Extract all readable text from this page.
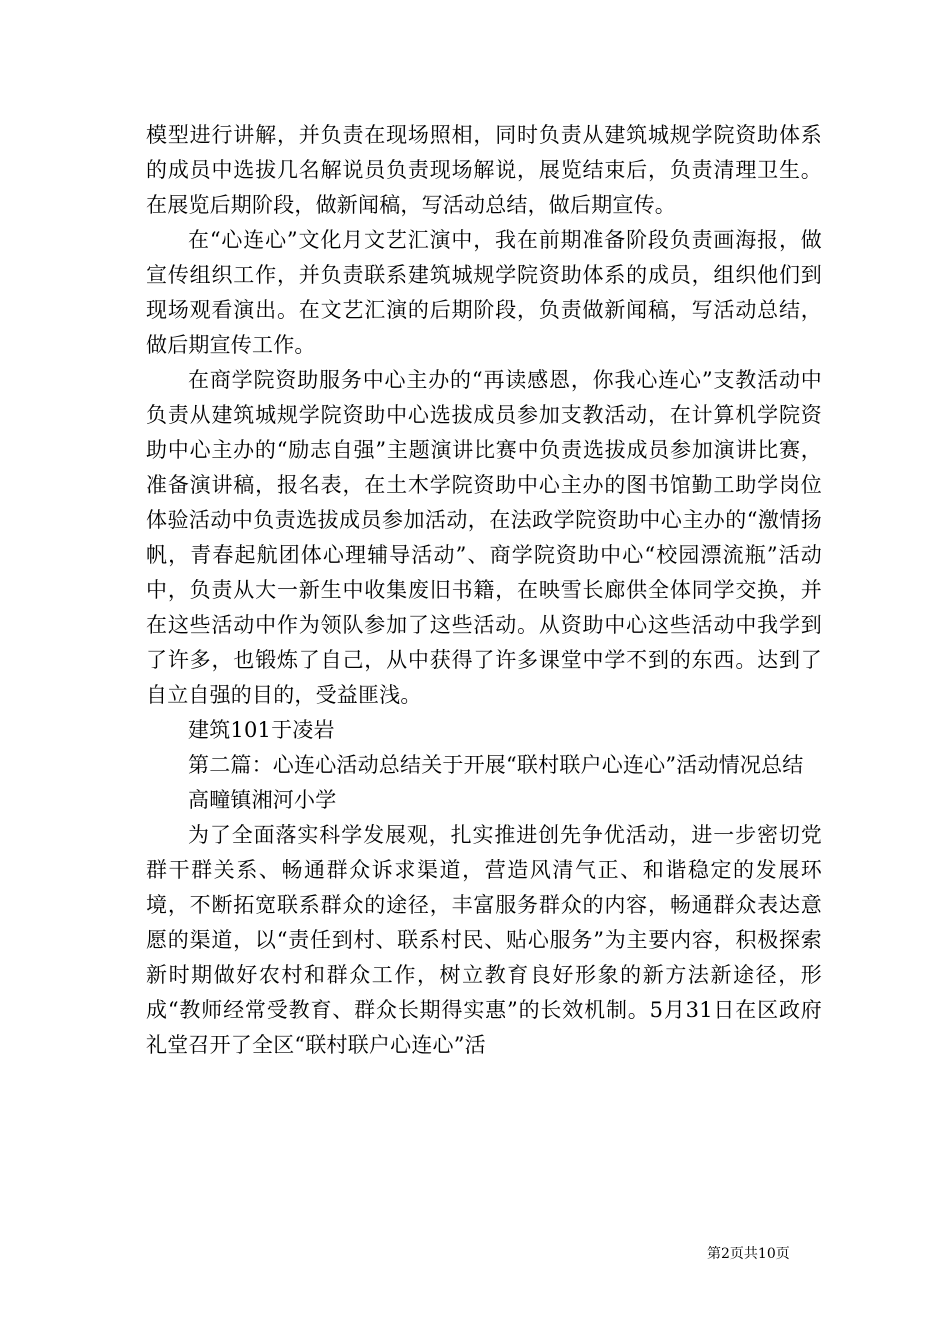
模型进行讲解，并负责在现场照相，同时负责从建筑城规学院资助体系的成员中选拔几名解说员负责现场解说，展览结束后，负责清理卫生。在展览后期阶段，做新闻稿，写活动总结，做后期宣传。

在“心连心”文化月文艺汇演中，我在前期准备阶段负责画海报，做宣传组织工作，并负责联系建筑城规学院资助体系的成员，组织他们到现场观看演出。在文艺汇演的后期阶段，负责做新闻稿，写活动总结，做后期宣传工作。

在商学院资助服务中心主办的“再读感恩，你我心连心”支教活动中负责从建筑城规学院资助中心选拔成员参加支教活动，在计算机学院资助中心主办的“励志自强”主题演讲比赛中负责选拔成员参加演讲比赛，准备演讲稿，报名表，在土木学院资助中心主办的图书馆勤工助学岗位体验活动中负责选拔成员参加活动，在法政学院资助中心主办的“激情扬帆，青春起航团体心理辅导活动”、商学院资助中心“校园漂流瓶”活动中，负责从大一新生中收集废旧书籍，在映雪长廊供全体同学交换，并在这些活动中作为领队参加了这些活动。从资助中心这些活动中我学到了许多，也锻炼了自己，从中获得了许多课堂中学不到的东西。达到了自立自强的目的，受益匪浅。

建筑101于凌岩

第二篇：心连心活动总结关于开展“联村联户心连心”活动情况总结

高疃镇湘河小学

为了全面落实科学发展观，扎实推进创先争优活动，进一步密切党群干群关系、畅通群众诉求渠道，营造风清气正、和谐稳定的发展环境，不断拓宽联系群众的途径，丰富服务群众的内容，畅通群众表达意愿的渠道，以“责任到村、联系村民、贴心服务”为主要内容，积极探索新时期做好农村和群众工作，树立教育良好形象的新方法新途径，形成“教师经常受教育、群众长期得实惠”的长效机制。5月31日在区政府礼堂召开了全区“联村联户心连心”活

第2页共10页
